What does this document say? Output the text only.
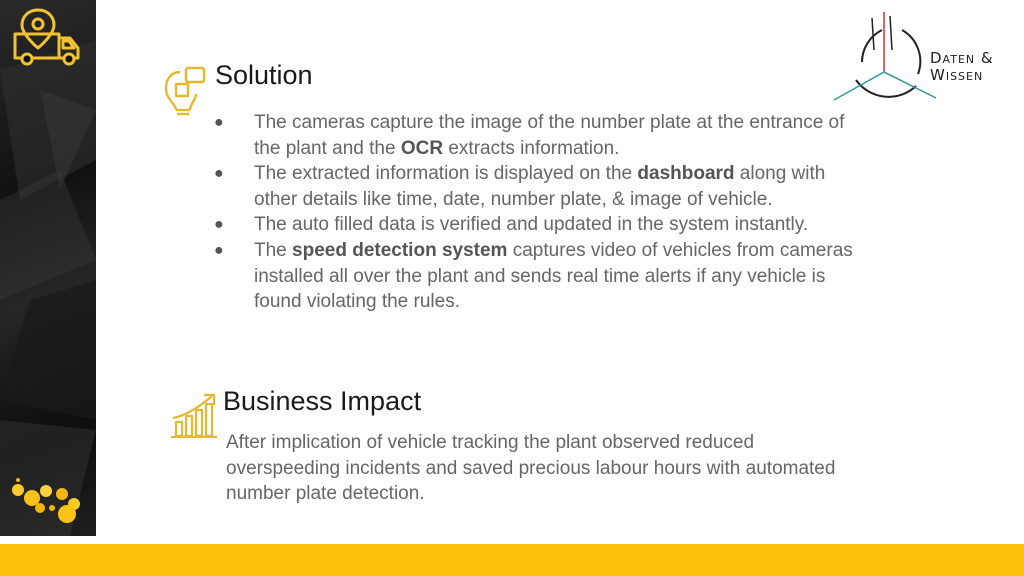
Daten &
Wissen
Solution
● The cameras capture the image of the number plate at the entrance of the plant and the OCR extracts information.
● The extracted information is displayed on the dashboard along with other details like time, date, number plate, & image of vehicle.
● The auto filled data is verified and updated in the system instantly.
● The speed detection system captures video of vehicles from cameras installed all over the plant and sends real time alerts if any vehicle is found violating the rules.
Business Impact

After implication of vehicle tracking the plant observed reduced overspeeding incidents and saved precious labour hours with automated number plate detection.
